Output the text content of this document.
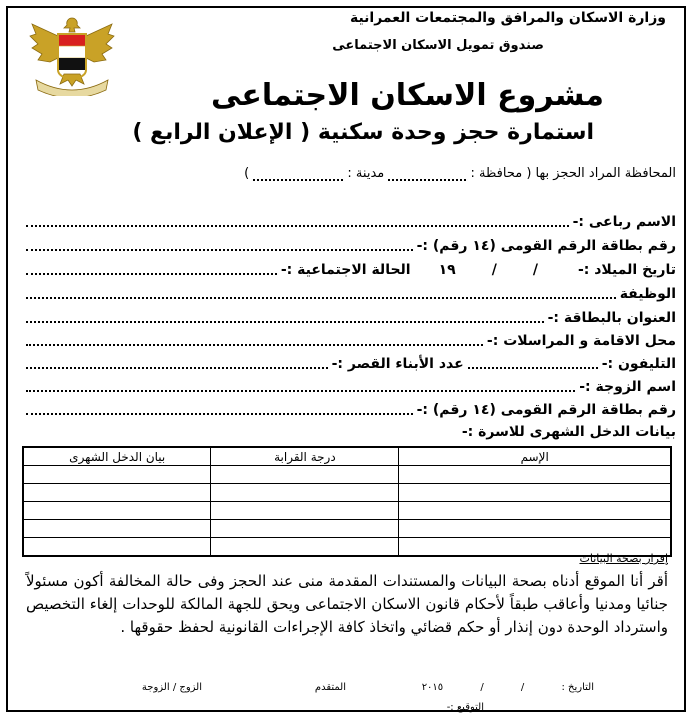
وزارة الاسكان والمرافق والمجتمعات العمرانية
صندوق تمويل الاسكان الاجتماعى
مشروع الاسكان الاجتماعى
استمارة حجز وحدة سكنية ( الإعلان الرابع )
المحافظة المراد الحجز بها ( محافظة :  مدينة :  )
الاسم رباعى :-
رقم بطاقة الرقم القومى (١٤ رقم) :-
تاريخ الميلاد :-
/
/
١٩
الحالة الاجتماعية :-
الوظيفة
العنوان بالبطاقة :-
محل الاقامة و المراسلات :-
التليفون :-
عدد الأبناء القصر :-
اسم الزوجة :-
رقم بطاقة الرقم القومى (١٤ رقم) :-
بيانات الدخل الشهرى للاسرة :-
الإسم	درجة القرابة	بيان الدخل الشهرى

إقرار بصحة البيانات
أقر أنا الموقع أدناه بصحة البيانات والمستندات المقدمة منى عند الحجز وفى حالة المخالفة أكون مسئولاً جنائيا ومدنيا وأعاقب طبقاً لأحكام قانون الاسكان الاجتماعى ويحق للجهة المالكة للوحدات إلغاء التخصيص واسترداد الوحدة دون إنذار أو حكم قضائي واتخاذ كافة الإجراءات القانونية لحفظ حقوقها .
التاريخ : / / ٢٠١٥
المتقدم
الزوج / الزوجة
التوقيع :-
